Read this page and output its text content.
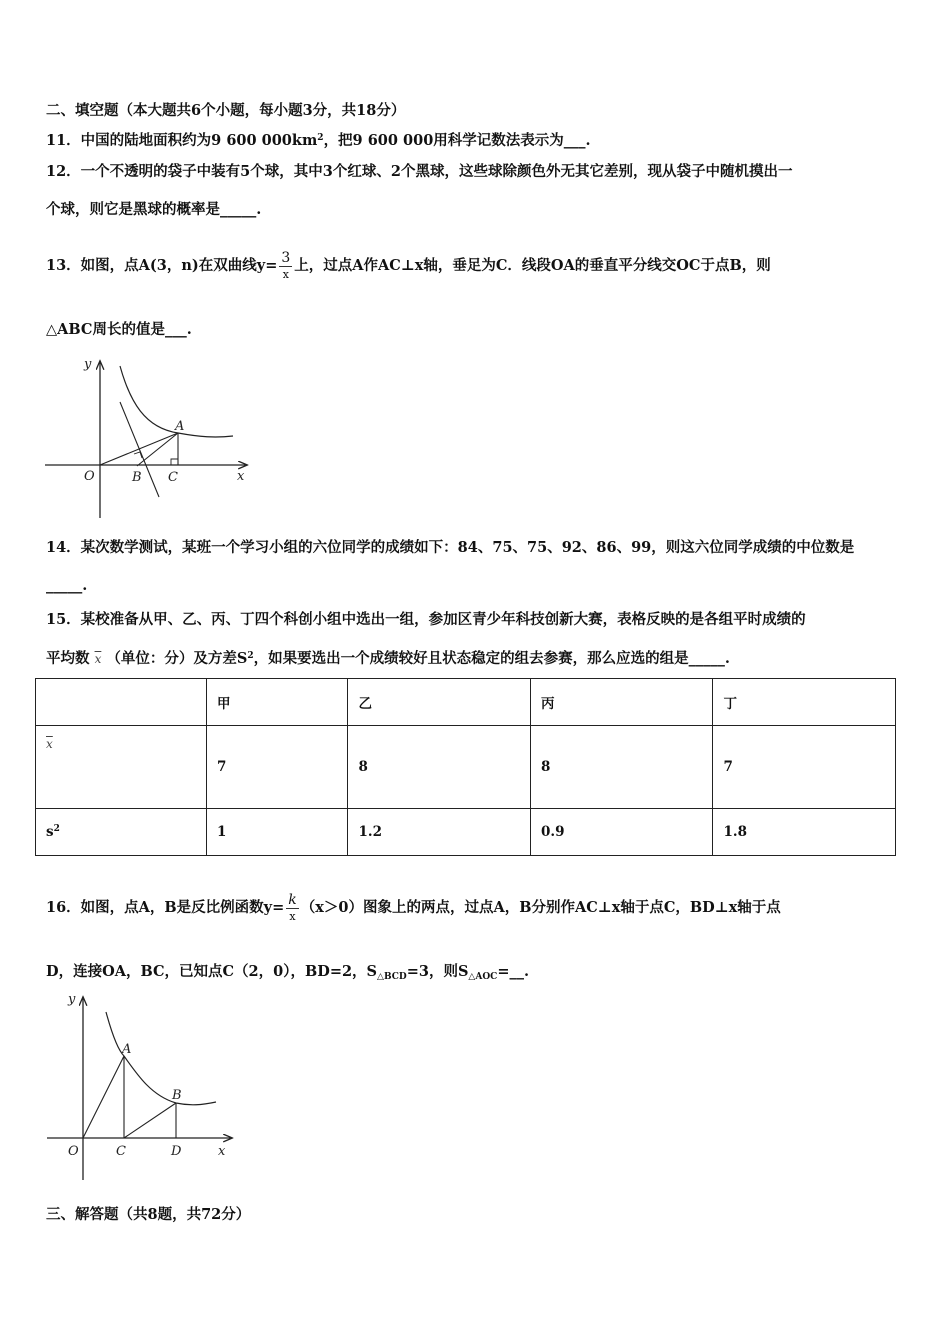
二、填空题（本大题共6个小题，每小题3分，共18分）
11．中国的陆地面积约为9 600 $000km^2$，把9 600 000用科学记数法表示为___.
12．一个不透明的袋子中装有5个球，其中3个红球、2个黑球，这些球除颜色外无其它差别，现从袋子中随机摸出一
个球，则它是黑球的概率是_____.
13．如图，点A(3，n)在双曲线$y= \frac{3}{x}$ 上，过点A作AC⊥x轴，垂足为C．线段OA的垂直平分线交OC于点B，则
△ABC周长的值是___.
y
x
O
A
B C
14．某次数学测试，某班一个学习小组的六位同学的成绩如下：84、75、75、92、86、99，则这六位同学成绩的中位数是
_____.
15．某校准备从甲、乙、丙、丁四个科创小组中选出一组，参加区青少年科技创新大赛，表格反映的是各组平时成绩的
平均数 $\overline{x}$ （单位：分）及方差$S^2$，如果要选出一个成绩较好且状态稳定的组去参赛，那么应选的组是_____.
	甲	乙	丙	丁
$\overline{x}$	7	8	8	7
$s^2$	1	1.2	0.9	1.8
16．如图，点A，B是反比例函数$y= \frac{k}{x} (x>0)$图象上的两点，过点A，B分别作AC⊥x轴于点C，BD⊥x轴于点
D，连接OA，BC，已知点C（2，0），BD=2，$S_{\triangle BCD}=3$，则$S_{\triangle AOC}=\_\_$.
y
x
O
A
B
C	D
三、解答题（共8题，共72分）
